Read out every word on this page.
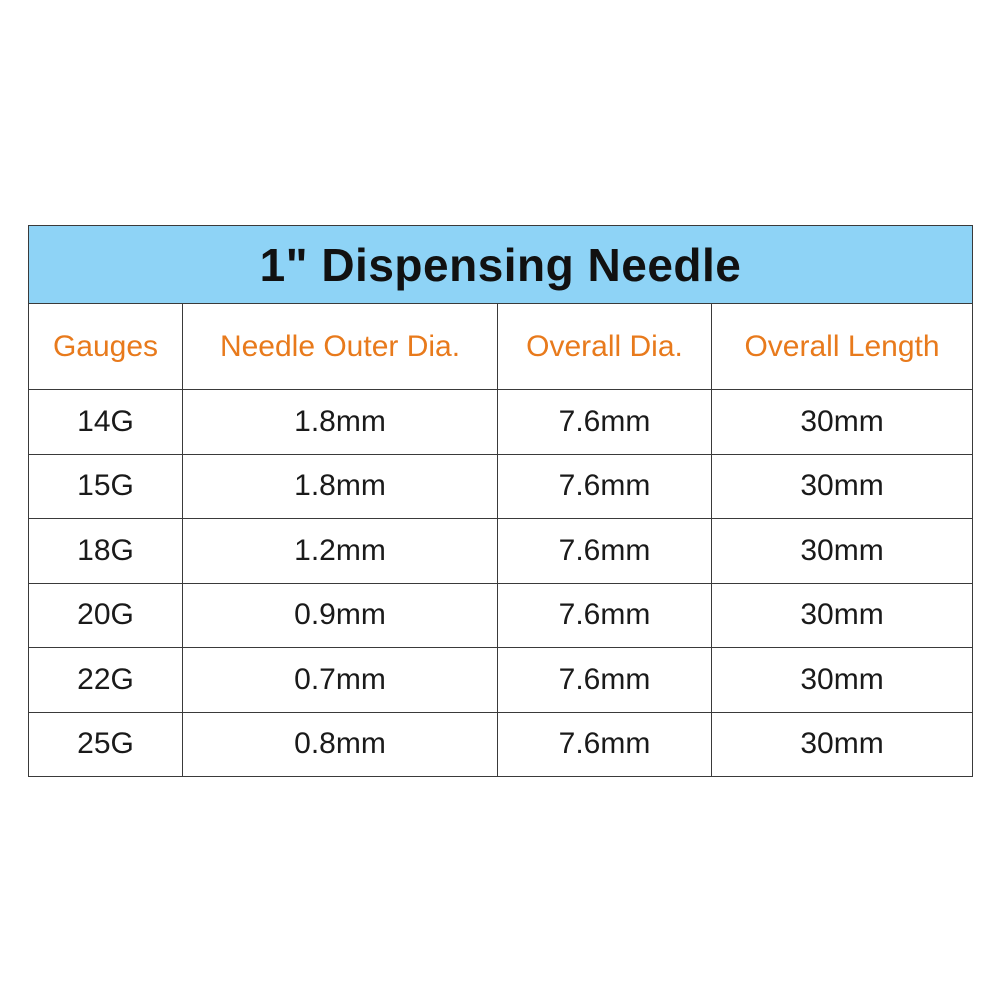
1" Dispensing Needle			
Gauges	Needle Outer Dia.	Overall Dia.	Overall Length
14G	1.8mm	7.6mm	30mm
15G	1.8mm	7.6mm	30mm
18G	1.2mm	7.6mm	30mm
20G	0.9mm	7.6mm	30mm
22G	0.7mm	7.6mm	30mm
25G	0.8mm	7.6mm	30mm
